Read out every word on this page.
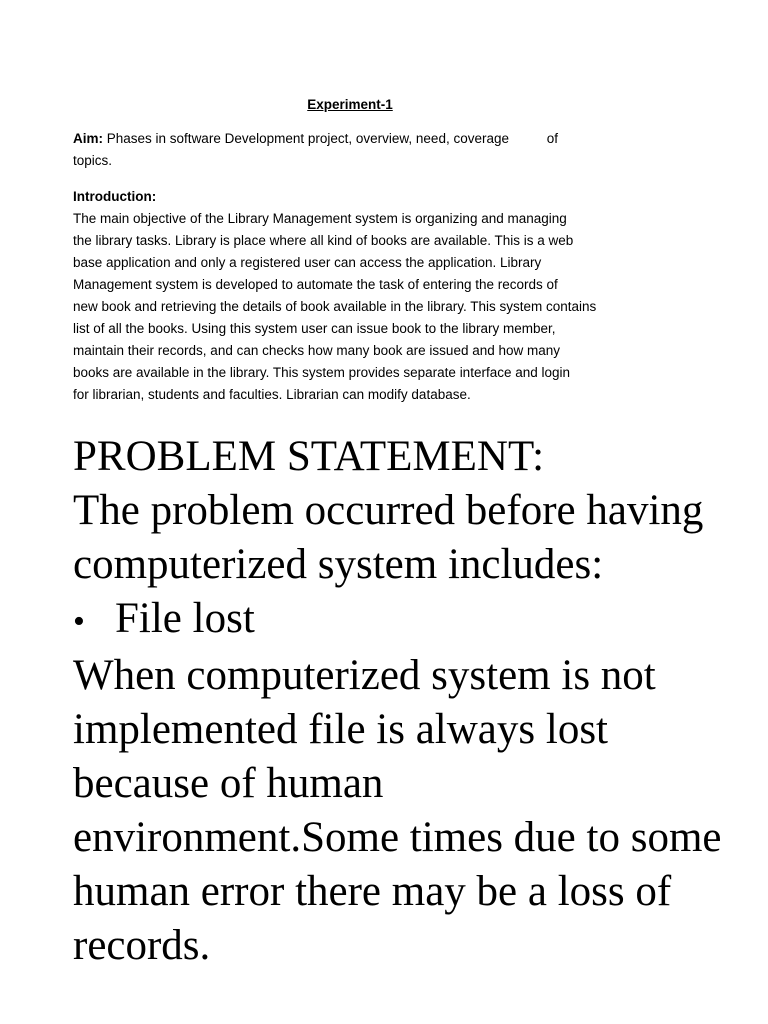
Experiment-1
Aim: Phases in software Development project, overview, need, coverage	of
topics.
Introduction:
The main objective of the Library Management system is organizing and managing
the library tasks. Library is place where all kind of books are available. This is a web
base application and only a registered user can access the application. Library
Management system is developed to automate the task of entering the records of
new book and retrieving the details of book available in the library. This system contains
list of all the books. Using this system user can issue book to the library member,
maintain their records, and can checks how many book are issued and how many
books are available in the library. This system provides separate interface and login
for librarian, students and faculties. Librarian can modify database.
PROBLEM STATEMENT:
The problem occurred before having
computerized system includes:
• File lost
When computerized system is not
implemented file is always lost
because of human
environment.Some times due to some
human error there may be a loss of
records.
